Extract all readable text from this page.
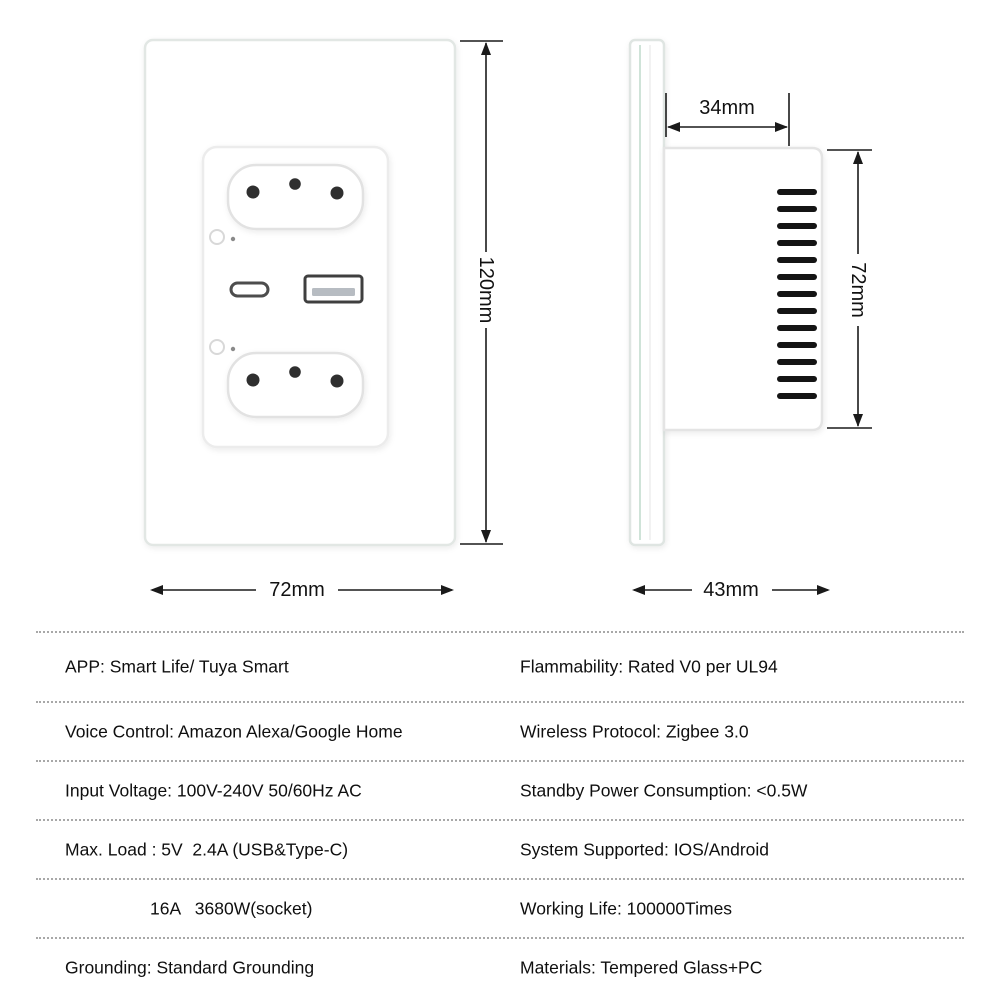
120mm
72mm
34mm
72mm
43mm
APP: Smart Life/ Tuya Smart	Flammability: Rated V0 per UL94
Voice Control: Amazon Alexa/Google Home	Wireless Protocol: Zigbee 3.0
Input Voltage: 100V-240V 50/60Hz AC	Standby Power Consumption: <0.5W
Max. Load : 5V  2.4A (USB&Type-C)	System Supported: IOS/Android
16A   3680W(socket)	Working Life: 100000Times
Grounding: Standard Grounding	Materials: Tempered Glass+PC
